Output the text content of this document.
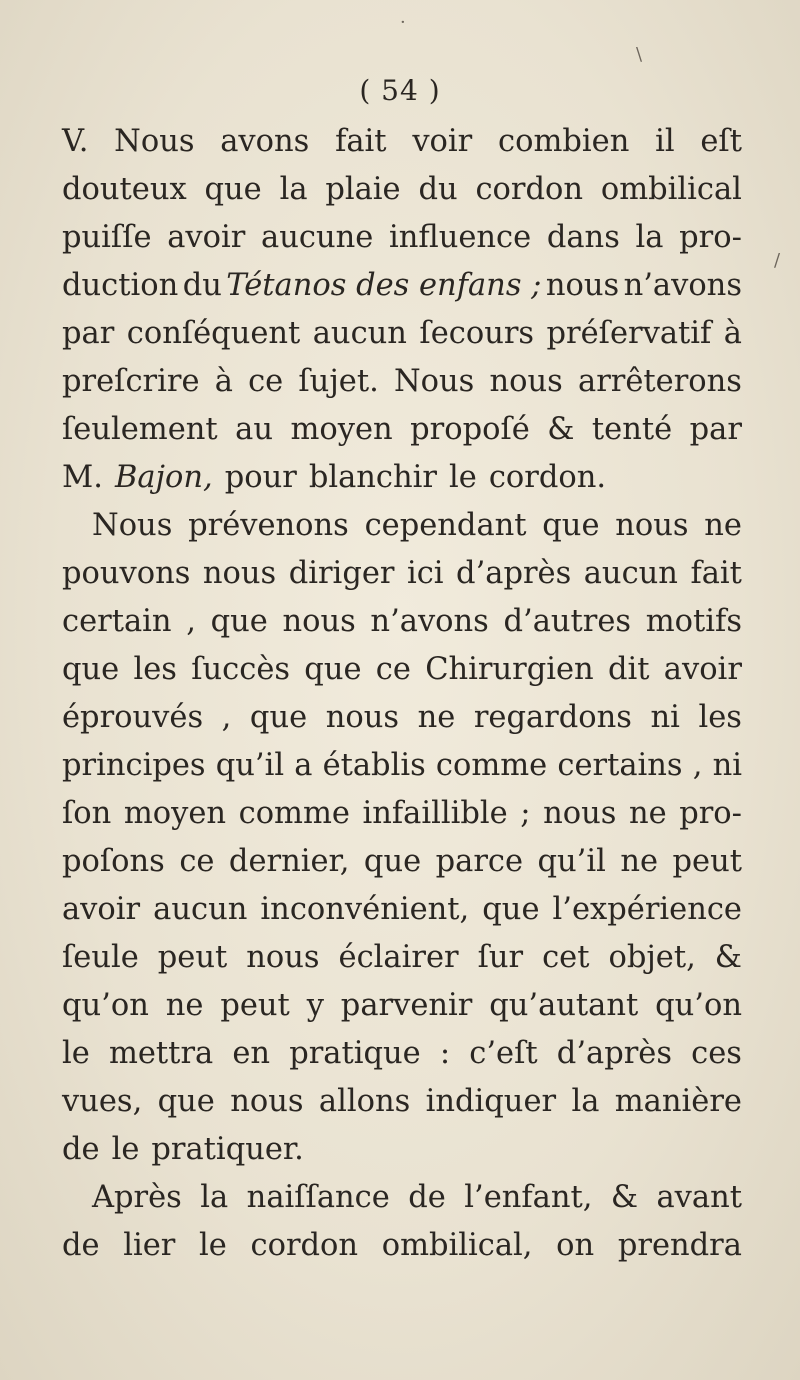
( 54 )
·
\
/
V. Nous avons fait voir combien il eſt
douteux que la plaie du cordon ombilical
puiſſe avoir aucune influence dans la pro-
duction du Tétanos des enfans ; nous n’avons
par conſéquent aucun ſecours préſervatif à
preſcrire à ce ſujet. Nous nous arrêterons
ſeulement au moyen propoſé & tenté par
M. Bajon, pour blanchir le cordon.
Nous prévenons cependant que nous ne
pouvons nous diriger ici d’après aucun fait
certain , que nous n’avons d’autres motifs
que les ſuccès que ce Chirurgien dit avoir
éprouvés , que nous ne regardons ni les
principes qu’il a établis comme certains , ni
ſon moyen comme infaillible ; nous ne pro-
poſons ce dernier, que parce qu’il ne peut
avoir aucun inconvénient, que l’expérience
ſeule peut nous éclairer ſur cet objet, &
qu’on ne peut y parvenir qu’autant qu’on
le mettra en pratique : c’eſt d’après ces
vues, que nous allons indiquer la manière
de le pratiquer.
Après la naiſſance de l’enfant, & avant
de lier le cordon ombilical, on prendra
